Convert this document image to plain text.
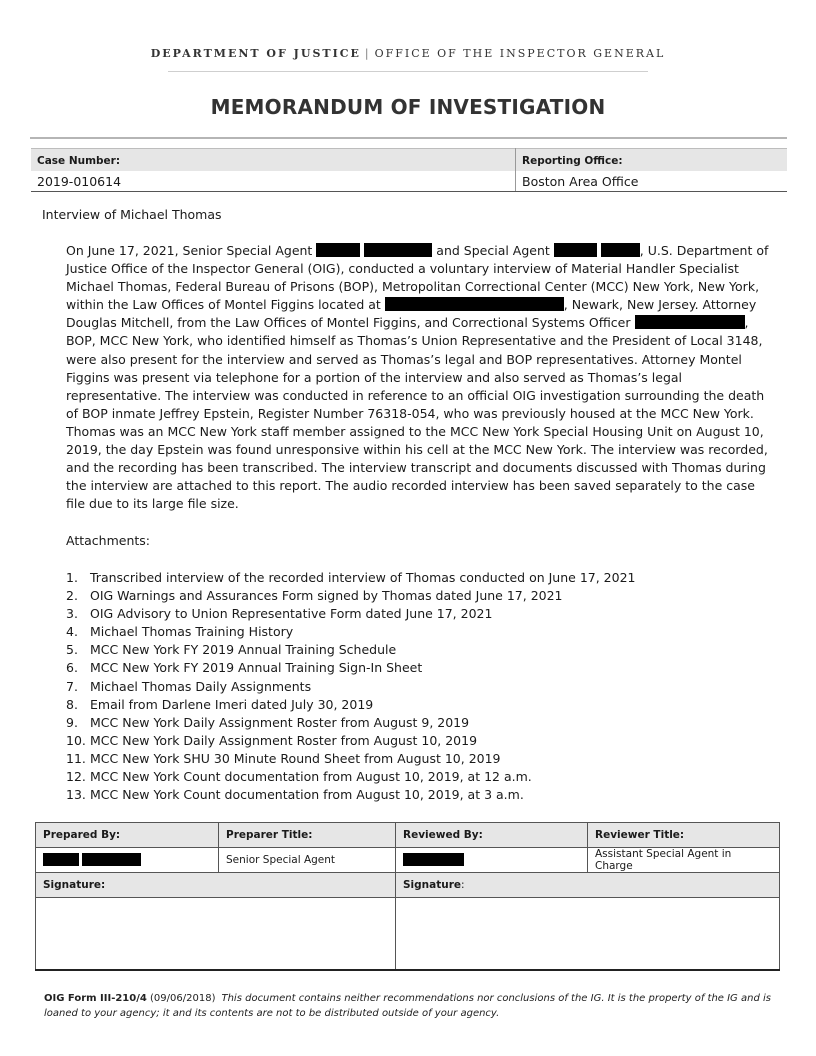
DEPARTMENT OF JUSTICE | OFFICE OF THE INSPECTOR GENERAL
MEMORANDUM OF INVESTIGATION
Case Number:	Reporting Office:
2019-010614	Boston Area Office
Interview of Michael Thomas
On June 17, 2021, Senior Special Agent	and Special Agent	, U.S. Department of Justice Office of the Inspector General (OIG), conducted a voluntary interview of Material Handler Specialist Michael Thomas, Federal Bureau of Prisons (BOP), Metropolitan Correctional Center (MCC) New York, New York, within the Law Offices of Montel Figgins located at	, Newark, New Jersey. Attorney Douglas Mitchell, from the Law Offices of Montel Figgins, and Correctional Systems Officer	, BOP, MCC New York, who identified himself as Thomas’s Union Representative and the President of Local 3148, were also present for the interview and served as Thomas’s legal and BOP representatives. Attorney Montel Figgins was present via telephone for a portion of the interview and also served as Thomas’s legal representative. The interview was conducted in reference to an official OIG investigation surrounding the death of BOP inmate Jeffrey Epstein, Register Number 76318-054, who was previously housed at the MCC New York. Thomas was an MCC New York staff member assigned to the MCC New York Special Housing Unit on August 10, 2019, the day Epstein was found unresponsive within his cell at the MCC New York. The interview was recorded, and the recording has been transcribed. The interview transcript and documents discussed with Thomas during the interview are attached to this report. The audio recorded interview has been saved separately to the case file due to its large file size.
Attachments:
1. Transcribed interview of the recorded interview of Thomas conducted on June 17, 2021
2. OIG Warnings and Assurances Form signed by Thomas dated June 17, 2021
3. OIG Advisory to Union Representative Form dated June 17, 2021
4. Michael Thomas Training History
5. MCC New York FY 2019 Annual Training Schedule
6. MCC New York FY 2019 Annual Training Sign-In Sheet
7. Michael Thomas Daily Assignments
8. Email from Darlene Imeri dated July 30, 2019
9. MCC New York Daily Assignment Roster from August 9, 2019
10. MCC New York Daily Assignment Roster from August 10, 2019
11. MCC New York SHU 30 Minute Round Sheet from August 10, 2019
12. MCC New York Count documentation from August 10, 2019, at 12 a.m.
13. MCC New York Count documentation from August 10, 2019, at 3 a.m.
Prepared By:	Preparer Title:	Reviewed By:	Reviewer Title:
	Senior Special Agent		Assistant Special Agent in Charge
Signature:		Signature:	

OIG Form III-210/4 (09/06/2018) This document contains neither recommendations nor conclusions of the IG. It is the property of the IG and is loaned to your agency; it and its contents are not to be distributed outside of your agency.
